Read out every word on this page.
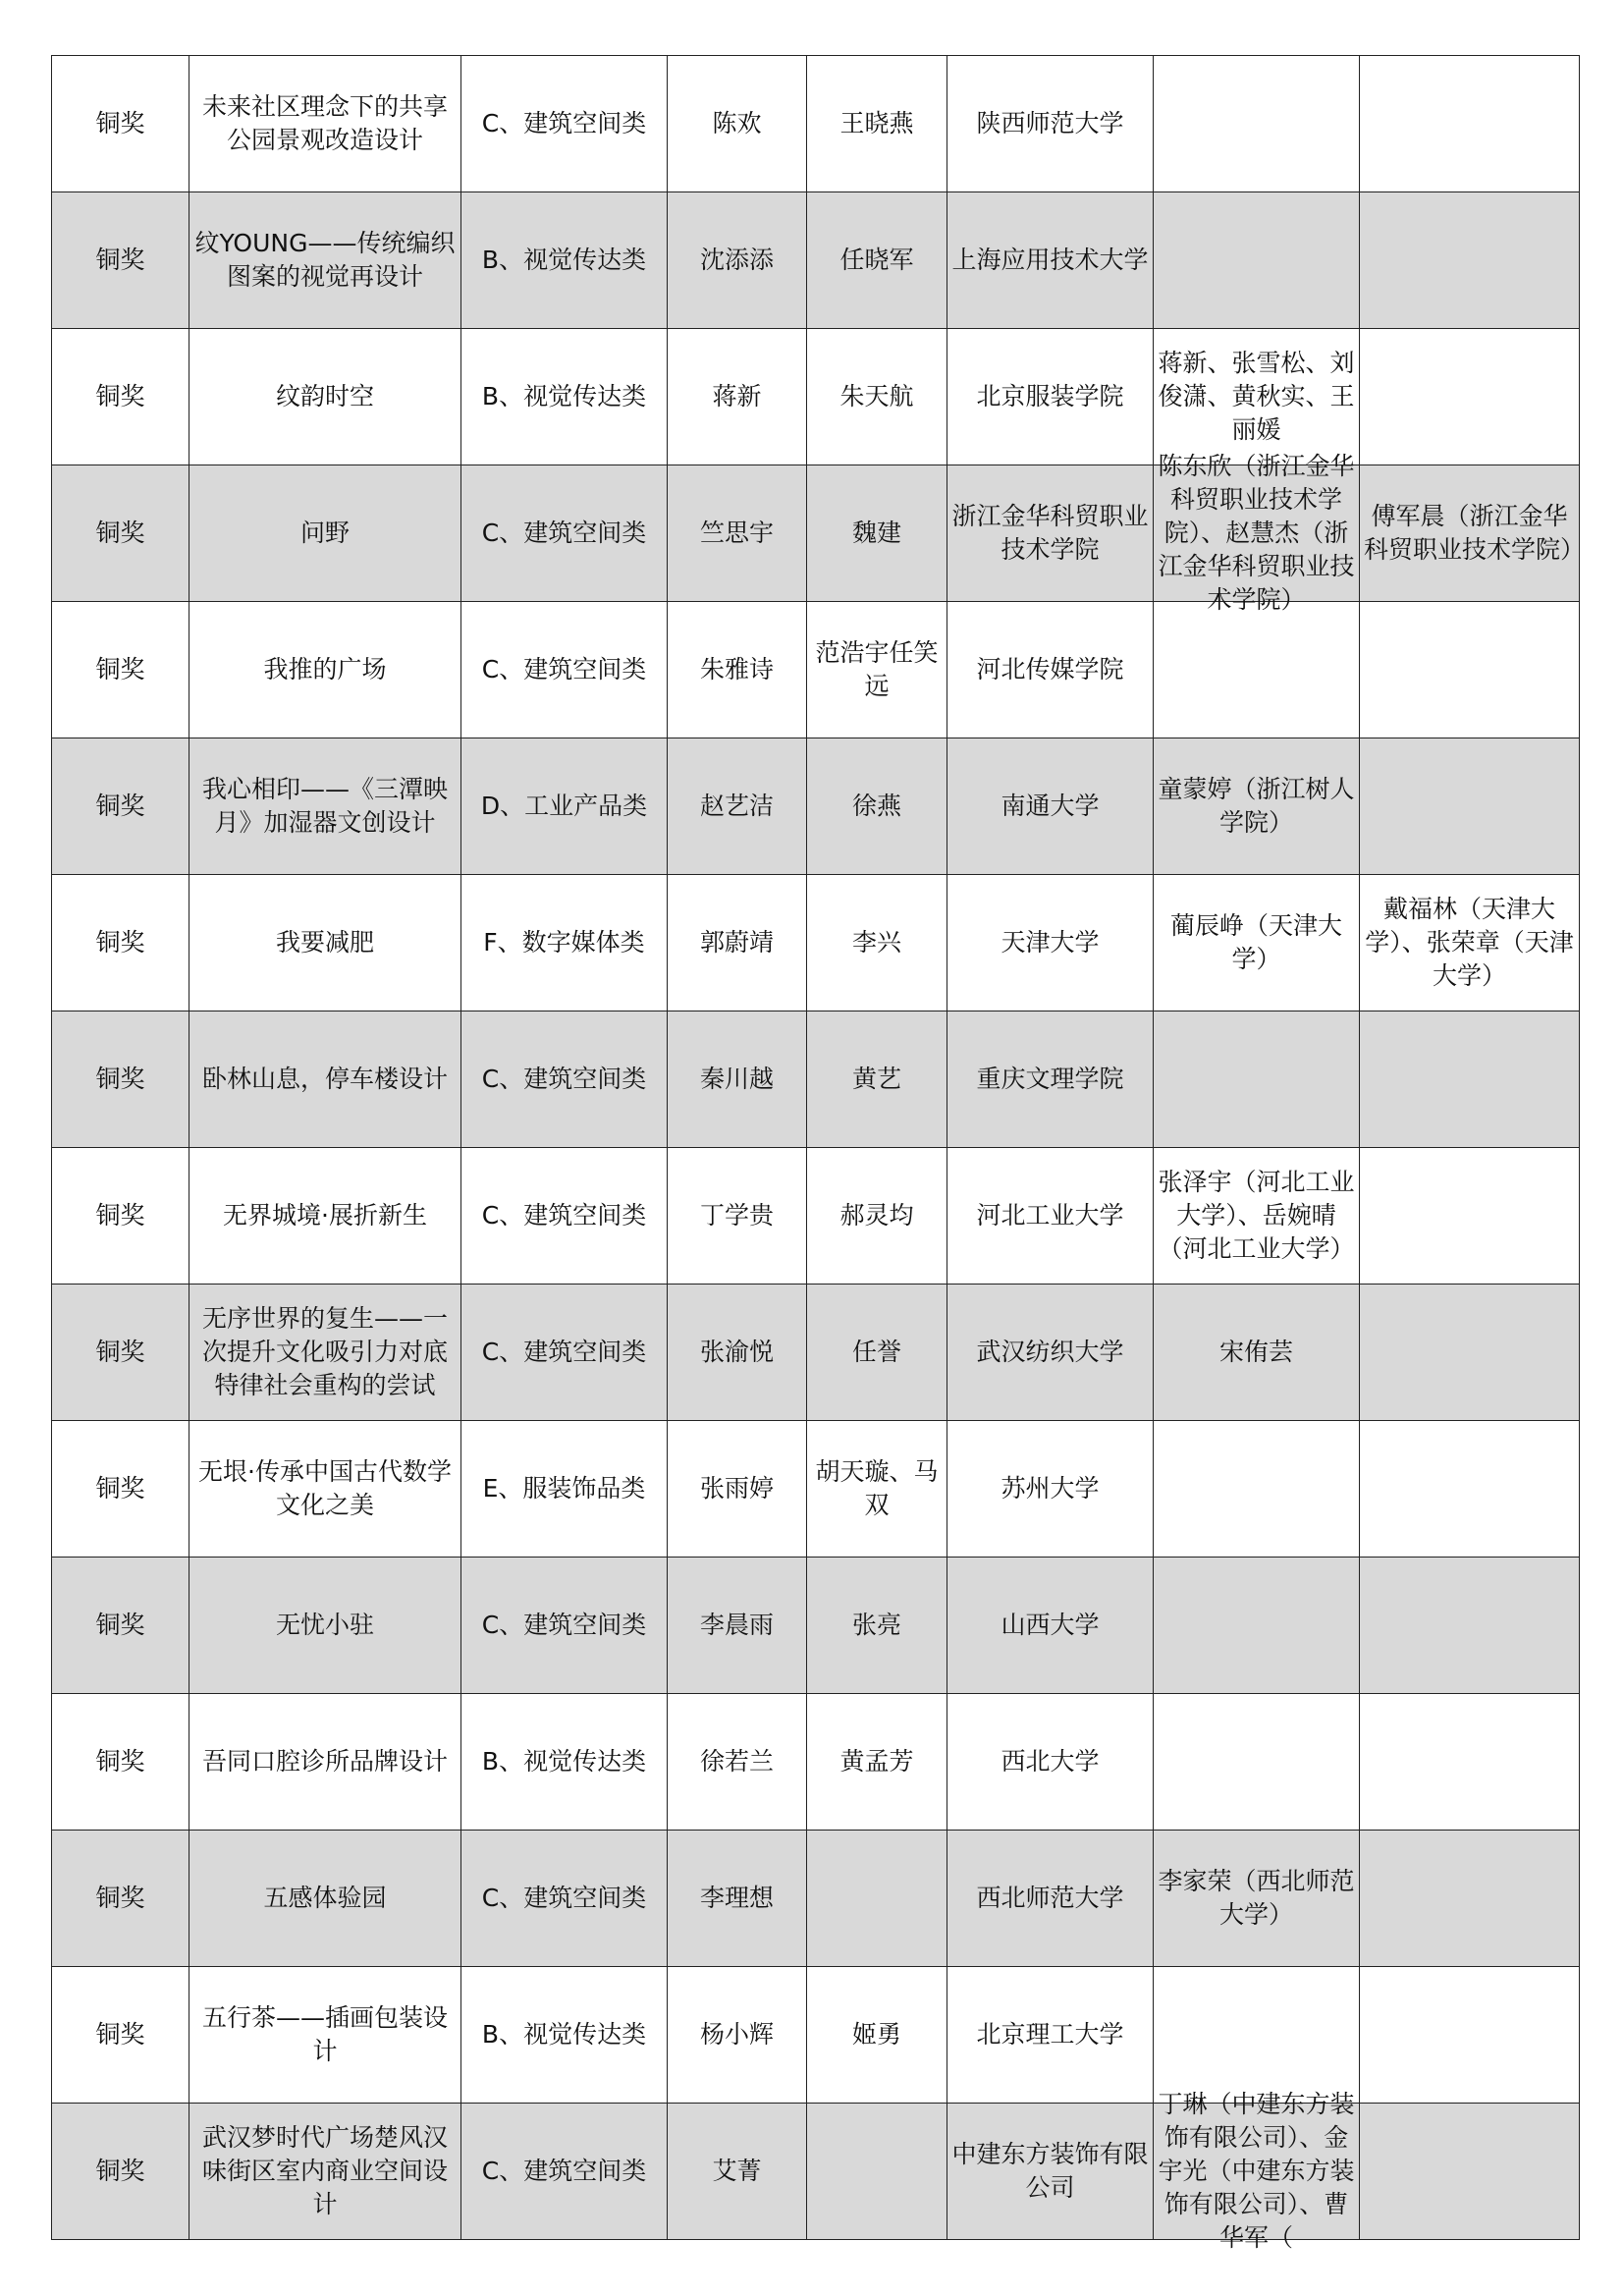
铜奖	未来社区理念下的共享公园景观改造设计	C、建筑空间类	陈欢	王晓燕	陕西师范大学		

铜奖	纹YOUNG——传统编织图案的视觉再设计	B、视觉传达类	沈添添	任晓军	上海应用技术大学		

铜奖	纹韵时空	B、视觉传达类	蒋新	朱天航	北京服装学院	蒋新、张雪松、刘俊潇、黄秋实、王丽媛	

铜奖	问野	C、建筑空间类	竺思宇	魏建	浙江金华科贸职业技术学院	陈东欣（浙江金华科贸职业技术学院）、赵慧杰（浙江金华科贸职业技术学院）	傅军晨（浙江金华科贸职业技术学院）

铜奖	我推的广场	C、建筑空间类	朱雅诗	范浩宇任笑远	河北传媒学院		

铜奖	我心相印——《三潭映月》加湿器文创设计	D、工业产品类	赵艺洁	徐燕	南通大学	童蒙婷（浙江树人学院）	

铜奖	我要减肥	F、数字媒体类	郭蔚靖	李兴	天津大学	蔺辰峥（天津大学）	戴福林（天津大学）、张荣章（天津大学）

铜奖	卧林山息，停车楼设计	C、建筑空间类	秦川越	黄艺	重庆文理学院		

铜奖	无界城境·展折新生	C、建筑空间类	丁学贵	郝灵均	河北工业大学	张泽宇（河北工业大学）、岳婉晴（河北工业大学）	

铜奖	无序世界的复生——一次提升文化吸引力对底特律社会重构的尝试	C、建筑空间类	张渝悦	任誉	武汉纺织大学	宋侑芸	

铜奖	无垠·传承中国古代数学文化之美	E、服装饰品类	张雨婷	胡天璇、马双	苏州大学		

铜奖	无忧小驻	C、建筑空间类	李晨雨	张亮	山西大学		

铜奖	吾同口腔诊所品牌设计	B、视觉传达类	徐若兰	黄孟芳	西北大学		

铜奖	五感体验园	C、建筑空间类	李理想		西北师范大学	李家荣（西北师范大学）	

铜奖	五行茶——插画包装设计	B、视觉传达类	杨小辉	姬勇	北京理工大学		

铜奖	武汉梦时代广场楚风汉味街区室内商业空间设计	C、建筑空间类	艾菁		中建东方装饰有限公司	丁琳（中建东方装饰有限公司）、金宇光（中建东方装饰有限公司）、曹华军（	
